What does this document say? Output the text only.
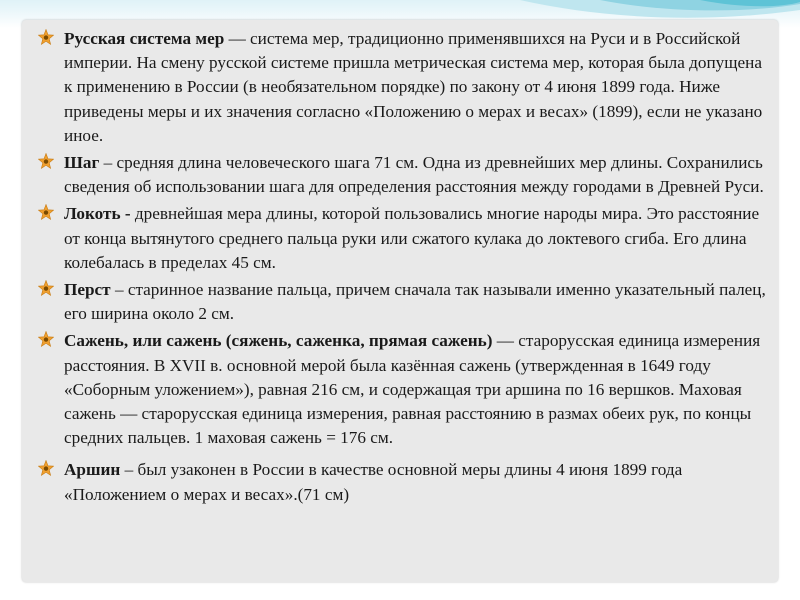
Русская система мер — система мер, традиционно применявшихся на Руси и в Российской империи. На смену русской системе пришла метрическая система мер, которая была допущена к применению в России (в необязательном порядке) по закону от 4 июня 1899 года. Ниже приведены меры и их значения согласно «Положению о мерах и весах» (1899), если не указано иное.
Шаг – средняя длина человеческого шага 71 см. Одна из древнейших мер длины. Сохранились сведения об использовании шага для определения расстояния между городами в Древней Руси.
Локоть - древнейшая мера длины, которой пользовались многие народы мира. Это расстояние от конца вытянутого среднего пальца руки или сжатого кулака до локтевого сгиба. Его длина колебалась в пределах 45 см.
Перст – старинное название пальца, причем сначала так называли именно указательный палец, его ширина около 2 см.
Сажень, или сажень (сяжень, саженка, прямая сажень) — старорусская единица измерения расстояния. В XVII в. основной мерой была казённая сажень (утвержденная в 1649 году «Соборным уложением»), равная 216 см, и содержащая три аршина по 16 вершков. Маховая сажень — старорусская единица измерения, равная расстоянию в размах обеих рук, по концы средних пальцев. 1 маховая сажень = 176 см.
Аршин – был узаконен в России в качестве основной меры длины 4 июня 1899 года «Положением о мерах и весах».(71 см)
